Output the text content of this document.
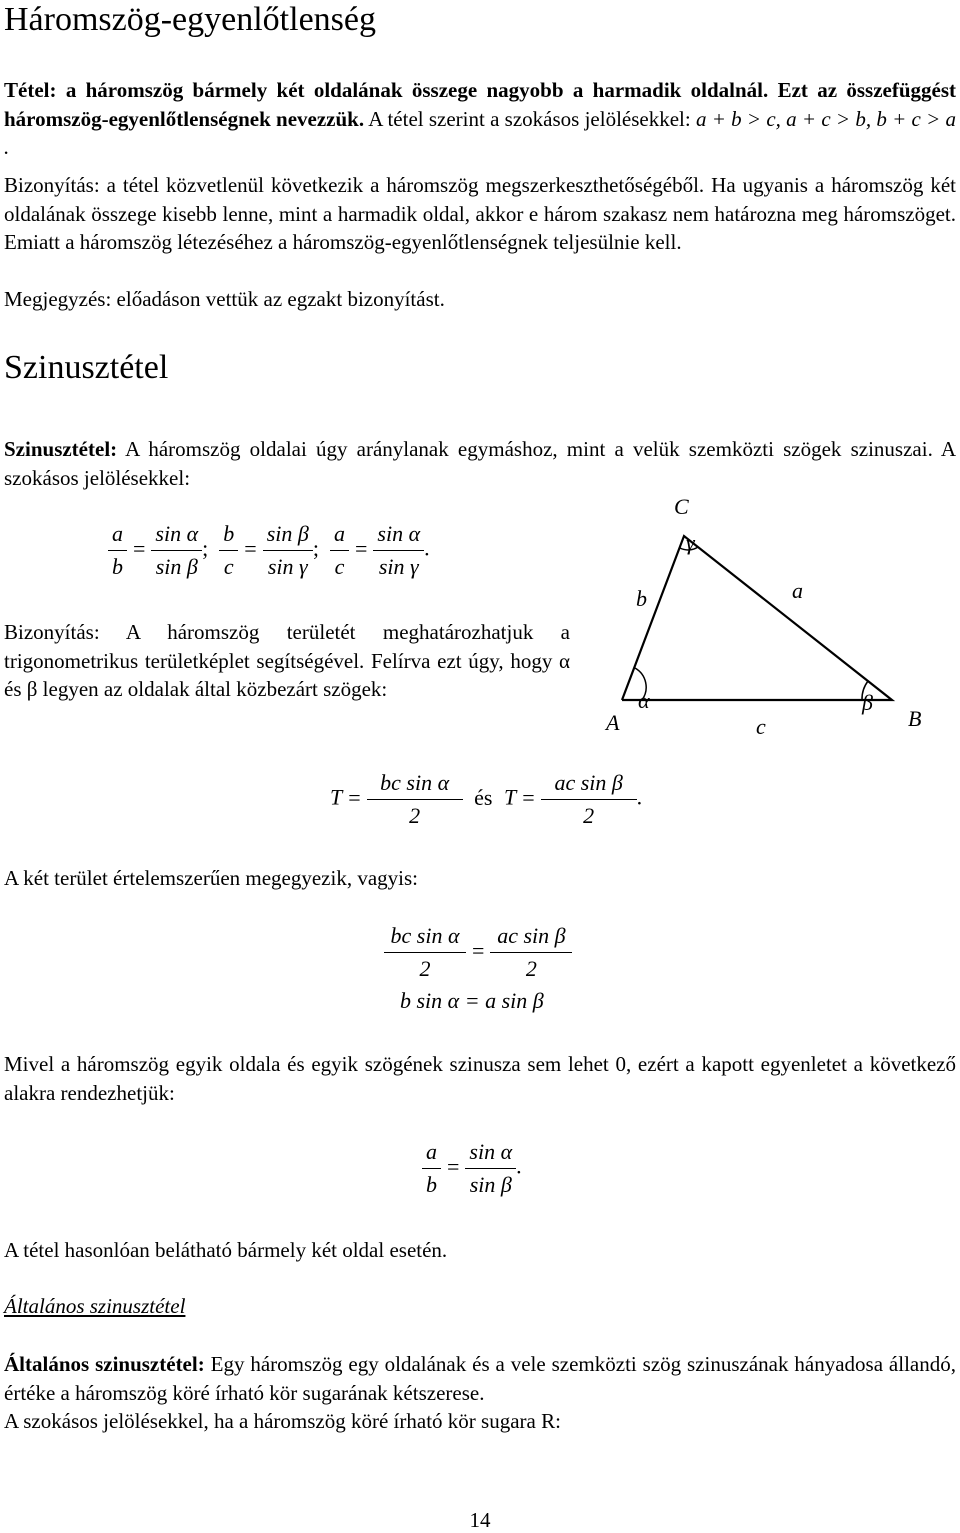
Háromszög-egyenlőtlenség

Tétel: a háromszög bármely két oldalának összege nagyobb a harmadik oldalnál. Ezt az összefüggést háromszög-egyenlőtlenségnek nevezzük. A tétel szerint a szokásos jelölésekkel: a + b > c, a + c > b, b + c > a .

Bizonyítás: a tétel közvetlenül következik a háromszög megszerkeszthetőségéből. Ha ugyanis a háromszög két oldalának összege kisebb lenne, mint a harmadik oldal, akkor e három szakasz nem határozna meg háromszöget. Emiatt a háromszög létezéséhez a háromszög-egyenlőtlenségnek teljesülnie kell.

Megjegyzés: előadáson vettük az egzakt bizonyítást.

Szinusztétel

Szinusztétel: A háromszög oldalai úgy aránylanak egymáshoz, mint a velük szemközti szögek szinuszai. A szokásos jelölésekkel:

$\frac{a}{b} = \frac{\text{sin α}}{\text{sin β}}$ ; $\frac{b}{c} = \frac{\text{sin β}}{\text{sin γ}}$ ; $\frac{a}{c} = \frac{\text{sin α}}{\text{sin γ}}$ .

Bizonyítás: A háromszög területét meghatározhatjuk a trigonometrikus területképlet segítségével. Felírva ezt úgy, hogy α és β legyen az oldalak által közbezárt szögek:

C
A	B
γ
b	a
c
α	β
$T = \frac{\text{bc sin α}}{2}$ és $T = \frac{\text{ac sin β}}{2}$ .

A két terület értelemszerűen megegyezik, vagyis:

$\frac{\text{bc sin α}}{2} = \frac{\text{ac sin β}}{2}$
b sin α = a sin β

Mivel a háromszög egyik oldala és egyik szögének szinusza sem lehet 0, ezért a kapott egyenletet a következő alakra rendezhetjük:

$\frac{a}{b} = \frac{\text{sin α}}{\text{sin β}}$ .

A tétel hasonlóan belátható bármely két oldal esetén.

Általános szinusztétel

Általános szinusztétel: Egy háromszög egy oldalának és a vele szemközti szög szinuszának hányadosa állandó, értéke a háromszög köré írható kör sugarának kétszerese.

A szokásos jelölésekkel, ha a háromszög köré írható kör sugara R:

14
